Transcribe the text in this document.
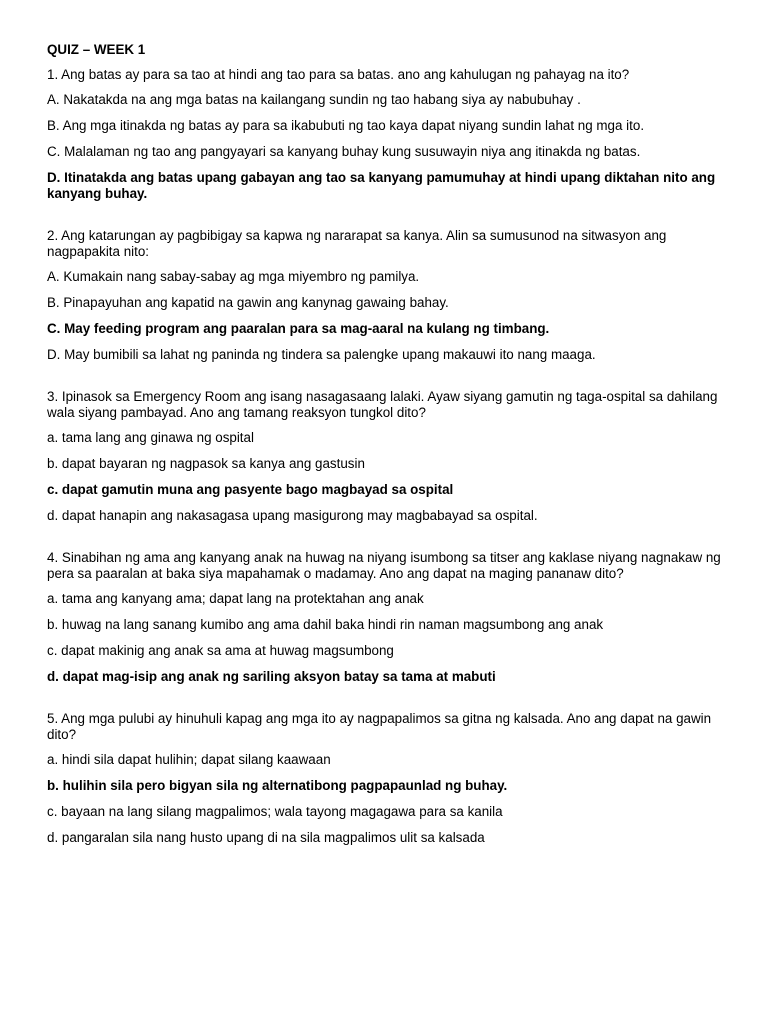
QUIZ – WEEK 1
1. Ang batas ay para sa tao at hindi ang tao para sa batas. ano ang kahulugan ng pahayag na ito?
A. Nakatakda na ang mga batas na kailangang sundin ng tao habang siya ay nabubuhay .
B. Ang mga itinakda ng batas ay para sa ikabubuti ng tao kaya dapat niyang sundin lahat ng mga ito.
C. Malalaman ng tao ang pangyayari sa kanyang buhay kung susuwayin niya ang itinakda ng batas.
D. Itinatakda ang batas upang gabayan ang tao sa kanyang pamumuhay at hindi upang diktahan nito ang kanyang buhay.
2. Ang katarungan ay pagbibigay sa kapwa ng nararapat sa kanya. Alin sa sumusunod na sitwasyon ang nagpapakita nito:
A. Kumakain nang sabay-sabay ag mga miyembro ng pamilya.
B. Pinapayuhan ang kapatid na gawin ang kanynag gawaing bahay.
C. May feeding program ang paaralan para sa mag-aaral na kulang ng timbang.
D. May bumibili sa lahat ng paninda ng tindera sa palengke upang makauwi ito nang maaga.
3. Ipinasok sa Emergency Room ang isang nasagasaang lalaki. Ayaw siyang gamutin ng taga-ospital sa dahilang wala siyang pambayad. Ano ang tamang reaksyon tungkol dito?
a. tama lang ang ginawa ng ospital
b. dapat bayaran ng nagpasok sa kanya ang gastusin
c. dapat gamutin muna ang pasyente bago magbayad sa ospital
d. dapat hanapin ang nakasagasa upang masigurong may magbabayad sa ospital.
4. Sinabihan ng ama ang kanyang anak na huwag na niyang isumbong sa titser ang kaklase niyang nagnakaw ng pera sa paaralan at baka siya mapahamak o madamay. Ano ang dapat na maging pananaw dito?
a. tama ang kanyang ama; dapat lang na protektahan ang anak
b. huwag na lang sanang kumibo ang ama dahil baka hindi rin naman magsumbong ang anak
c. dapat makinig ang anak sa ama at huwag magsumbong
d. dapat mag-isip ang anak ng sariling aksyon batay sa tama at mabuti
5. Ang mga pulubi ay hinuhuli kapag ang mga ito ay nagpapalimos sa gitna ng kalsada. Ano ang dapat na gawin dito?
a. hindi sila dapat hulihin; dapat silang kaawaan
b. hulihin sila pero bigyan sila ng alternatibong pagpapaunlad ng buhay.
c. bayaan na lang silang magpalimos; wala tayong magagawa para sa kanila
d. pangaralan sila nang husto upang di na sila magpalimos ulit sa kalsada
